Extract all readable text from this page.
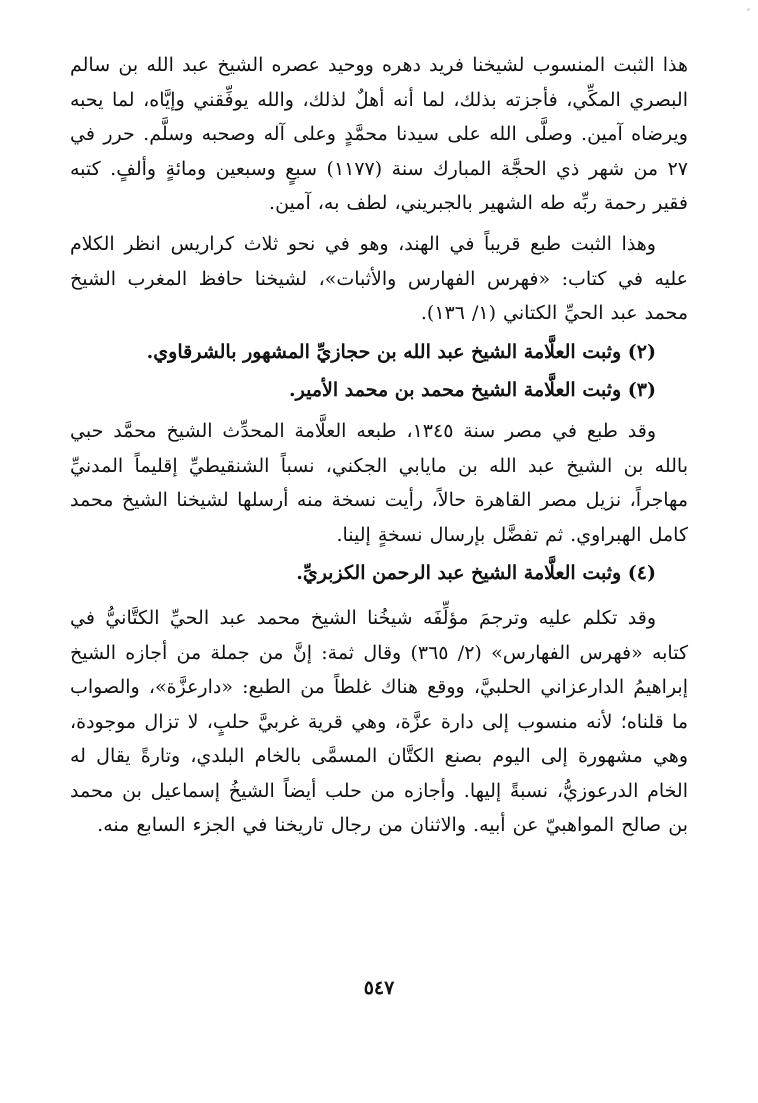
هذا الثبت المنسوب لشيخنا فريد دهره ووحيد عصره الشيخ عبد الله بن سالم البصري المكِّي، فأجزته بذلك، لما أنه أهلٌ لذلك، والله يوفِّقني وإيَّاه، لما يحبه ويرضاه آمين. وصلَّى الله على سيدنا محمَّدٍ وعلى آله وصحبه وسلَّم. حرر في ٢٧ من شهر ذي الحجَّة المبارك سنة (١١٧٧) سبعٍ وسبعين ومائةٍ وألفٍ. كتبه فقير رحمة ربِّه طه الشهير بالجبريني، لطف به، آمين.

وهذا الثبت طبع قريباً في الهند، وهو في نحو ثلاث كراريس انظر الكلام عليه في كتاب: «فهرس الفهارس والأثبات»، لشيخنا حافظ المغرب الشيخ محمد عبد الحيِّ الكتاني (١/ ١٣٦).

(٢) وثبت العلَّامة الشيخ عبد الله بن حجازيِّ المشهور بالشرقاوي.

(٣) وثبت العلَّامة الشيخ محمد بن محمد الأمير.

وقد طبع في مصر سنة ١٣٤٥، طبعه العلَّامة المحدِّث الشيخ محمَّد حبي بالله بن الشيخ عبد الله بن مايابي الجكني، نسباً الشنقيطيِّ إقليماً المدنيِّ مهاجراً، نزيل مصر القاهرة حالاً، رأيت نسخة منه أرسلها لشيخنا الشيخ محمد كامل الهبراوي. ثم تفضَّل بإرسال نسخةٍ إلينا.

(٤) وثبت العلَّامة الشيخ عبد الرحمن الكزبريِّ.

وقد تكلم عليه وترجمَ مؤلِّفَه شيخُنا الشيخ محمد عبد الحيِّ الكتَّانيُّ في كتابه «فهرس الفهارس» (٢/ ٣٦٥) وقال ثمة: إنَّ من جملة من أجازه الشيخ إبراهيمُ الدارعزاني الحلبيَّ، ووقع هناك غلطاً من الطبع: «دارعزَّة»، والصواب ما قلناه؛ لأنه منسوب إلى دارة عزَّة، وهي قرية غربيَّ حلبٍ، لا تزال موجودة، وهي مشهورة إلى اليوم بصنع الكتَّان المسمَّى بالخام البلدي، وتارةً يقال له الخام الدرعوزيُّ، نسبةً إليها. وأجازه من حلب أيضاً الشيخُ إسماعيل بن محمد بن صالح المواهبيّ عن أبيه. والاثنان من رجال تاريخنا في الجزء السابع منه.

٥٤٧
